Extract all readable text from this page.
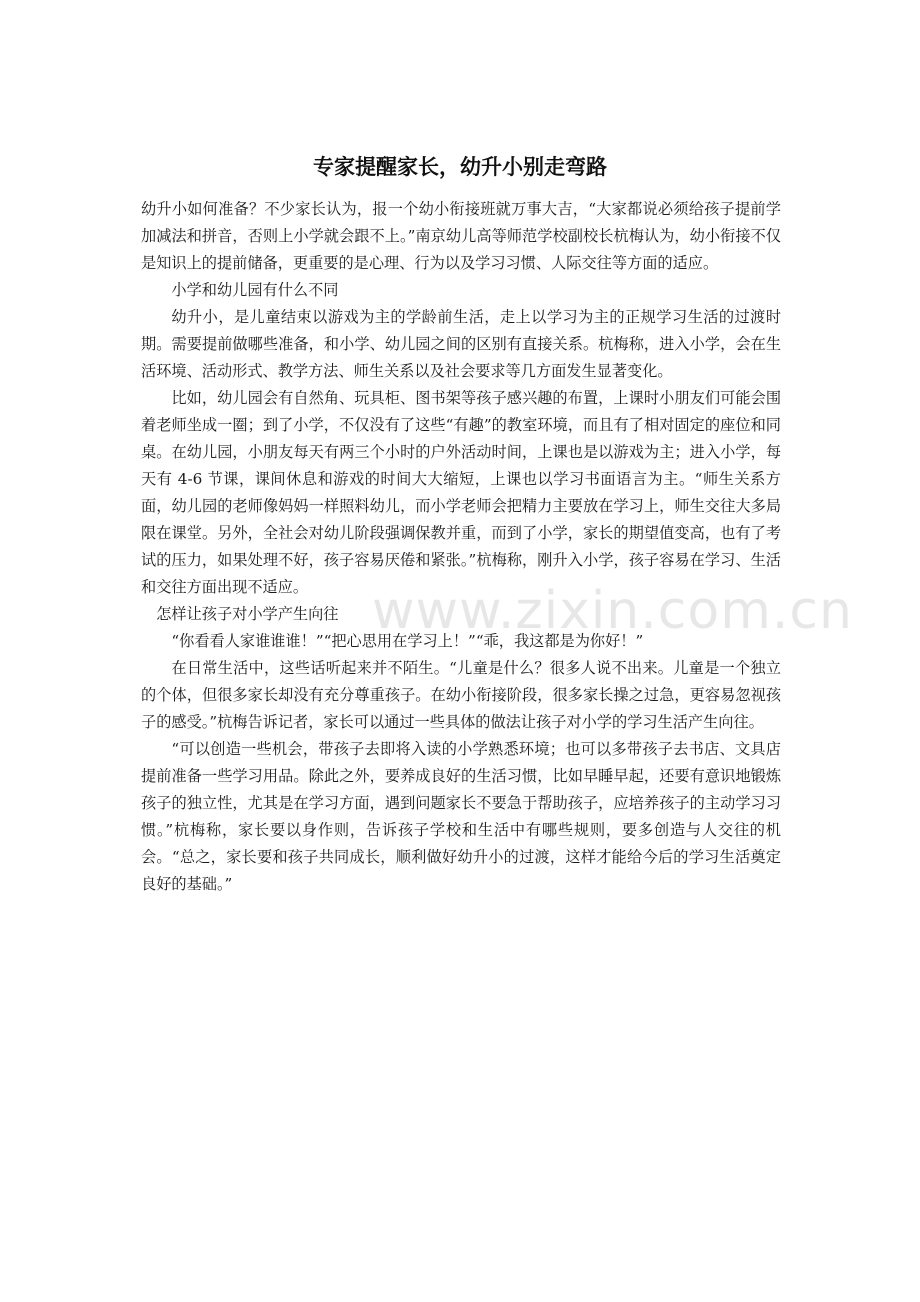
专家提醒家长，幼升小别走弯路

幼升小如何准备？不少家长认为，报一个幼小衔接班就万事大吉，“大家都说必须给孩子提前学加减法和拼音，否则上小学就会跟不上。”南京幼儿高等师范学校副校长杭梅认为，幼小衔接不仅是知识上的提前储备，更重要的是心理、行为以及学习习惯、人际交往等方面的适应。

小学和幼儿园有什么不同

幼升小，是儿童结束以游戏为主的学龄前生活，走上以学习为主的正规学习生活的过渡时期。需要提前做哪些准备，和小学、幼儿园之间的区别有直接关系。杭梅称，进入小学，会在生活环境、活动形式、教学方法、师生关系以及社会要求等几方面发生显著变化。

比如，幼儿园会有自然角、玩具柜、图书架等孩子感兴趣的布置，上课时小朋友们可能会围着老师坐成一圈；到了小学，不仅没有了这些“有趣”的教室环境，而且有了相对固定的座位和同桌。在幼儿园，小朋友每天有两三个小时的户外活动时间，上课也是以游戏为主；进入小学，每天有 4-6 节课，课间休息和游戏的时间大大缩短，上课也以学习书面语言为主。“师生关系方面，幼儿园的老师像妈妈一样照料幼儿，而小学老师会把精力主要放在学习上，师生交往大多局限在课堂。另外，全社会对幼儿阶段强调保教并重，而到了小学，家长的期望值变高，也有了考试的压力，如果处理不好，孩子容易厌倦和紧张。”杭梅称，刚升入小学，孩子容易在学习、生活和交往方面出现不适应。

怎样让孩子对小学产生向往

“你看看人家谁谁谁！”“把心思用在学习上！”“乖，我这都是为你好！”

在日常生活中，这些话听起来并不陌生。“儿童是什么？很多人说不出来。儿童是一个独立的个体，但很多家长却没有充分尊重孩子。在幼小衔接阶段，很多家长操之过急，更容易忽视孩子的感受。”杭梅告诉记者，家长可以通过一些具体的做法让孩子对小学的学习生活产生向往。

“可以创造一些机会，带孩子去即将入读的小学熟悉环境；也可以多带孩子去书店、文具店提前准备一些学习用品。除此之外，要养成良好的生活习惯，比如早睡早起，还要有意识地锻炼孩子的独立性，尤其是在学习方面，遇到问题家长不要急于帮助孩子，应培养孩子的主动学习习惯。”杭梅称，家长要以身作则，告诉孩子学校和生活中有哪些规则，要多创造与人交往的机会。“总之，家长要和孩子共同成长，顺利做好幼升小的过渡，这样才能给今后的学习生活奠定良好的基础。”

www.zixin.com.cn
